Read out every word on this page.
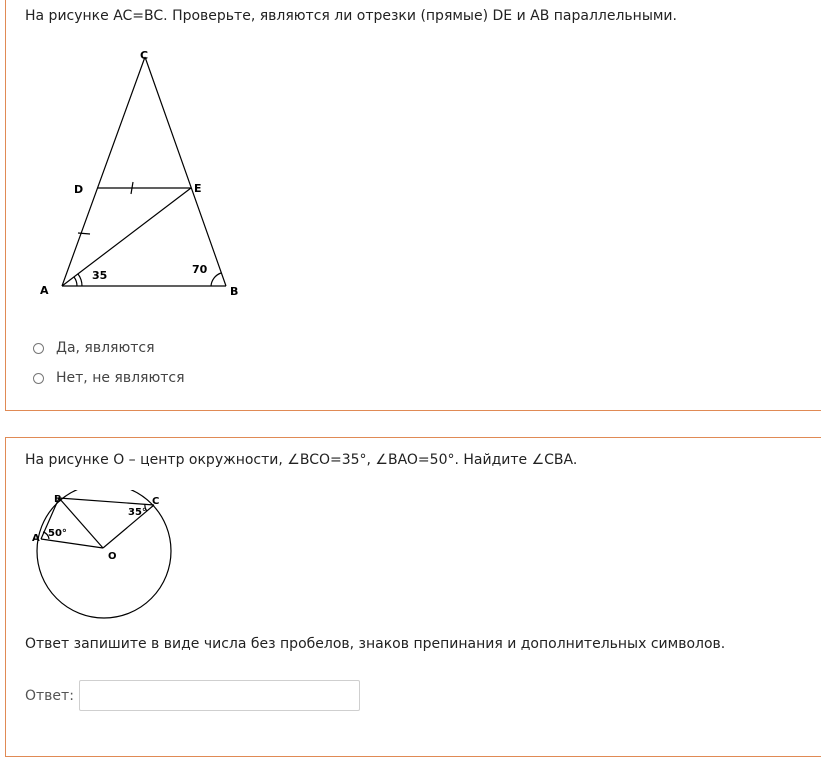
На рисунке AC=BC. Проверьте, являются ли отрезки (прямые) DE и AB параллельными.
C
D	E
A	B
35	70
Да, являются
Нет, не являются
На рисунке O – центр окружности, ∠BCO=35°, ∠BAO=50°. Найдите ∠CBA.
B	C
A
O
50°
35°
Ответ запишите в виде числа без пробелов, знаков препинания и дополнительных символов.
Ответ:
